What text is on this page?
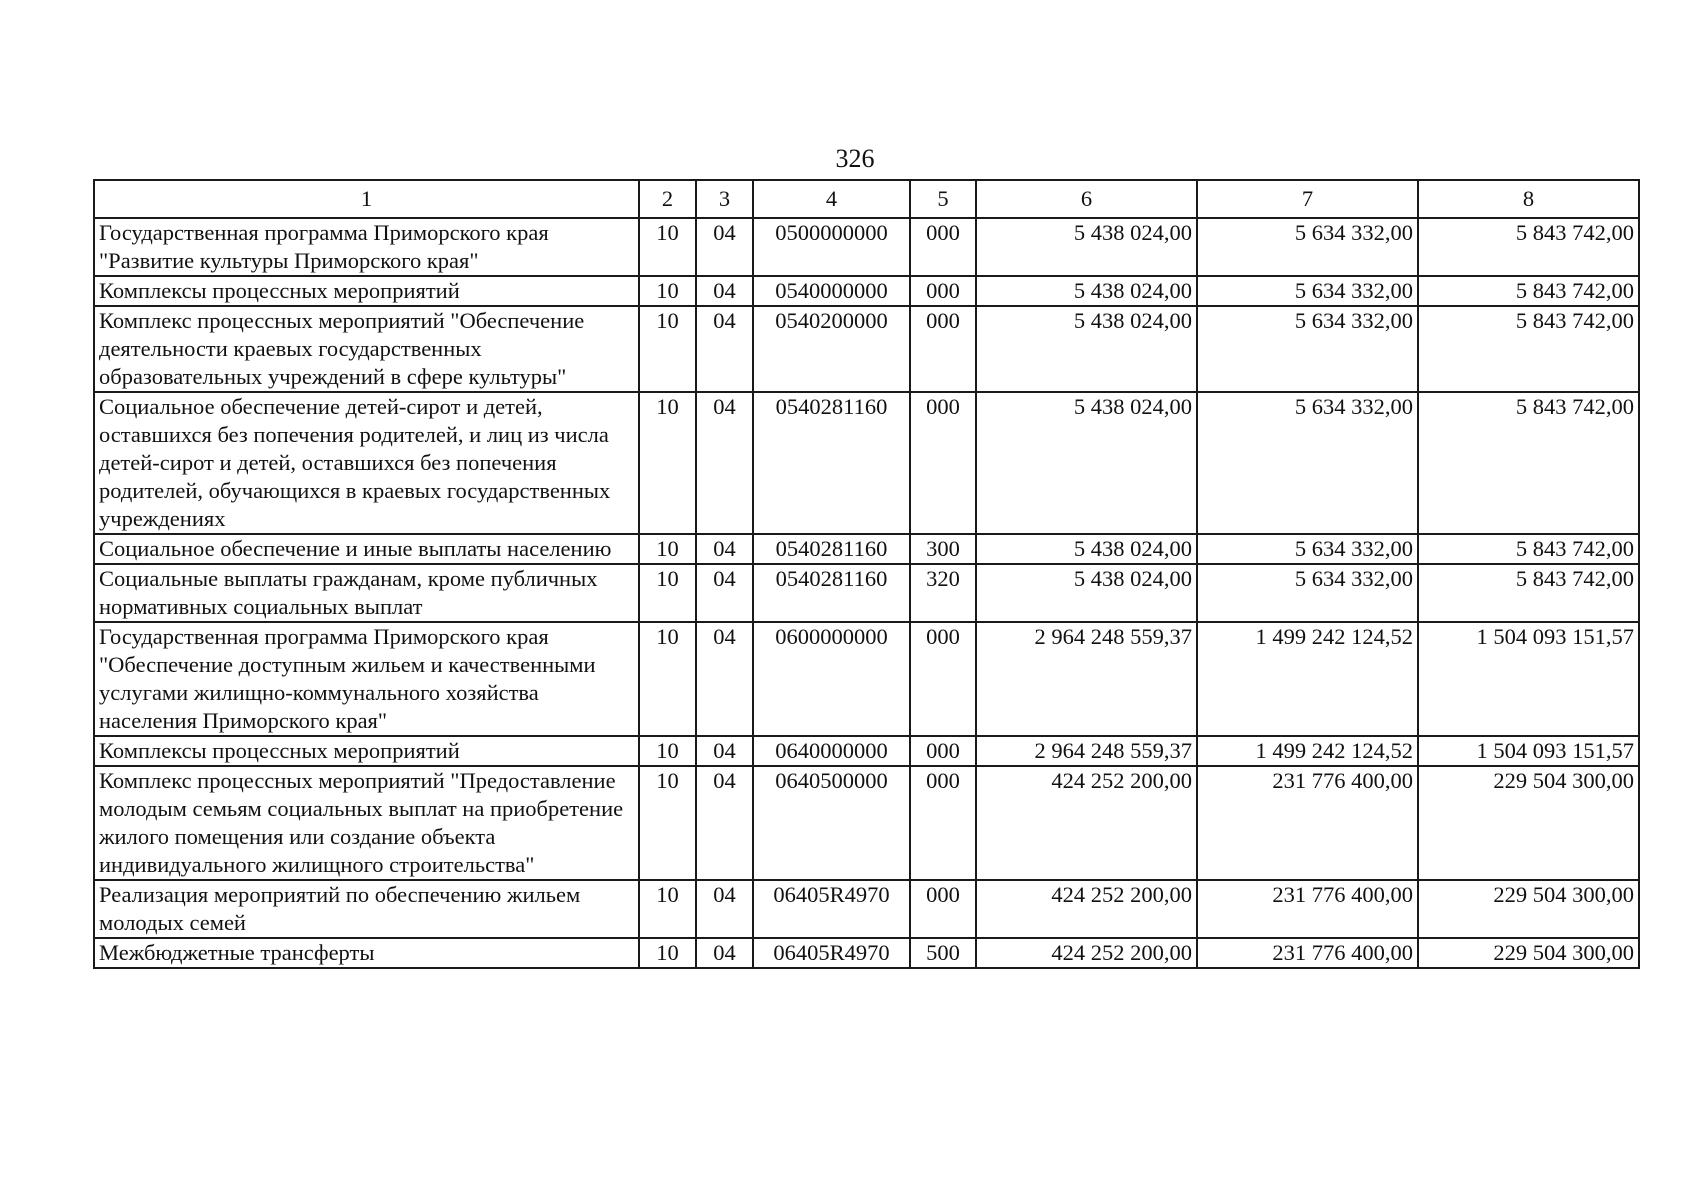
326
1	2	3	4	5	6	7	8
Государственная программа Приморского края "Развитие культуры Приморского края"	10	04	0500000000	000	5 438 024,00	5 634 332,00	5 843 742,00
Комплексы процессных мероприятий	10	04	0540000000	000	5 438 024,00	5 634 332,00	5 843 742,00
Комплекс процессных мероприятий "Обеспечение деятельности краевых государственных образовательных учреждений в сфере культуры"	10	04	0540200000	000	5 438 024,00	5 634 332,00	5 843 742,00
Социальное обеспечение детей-сирот и детей, оставшихся без попечения родителей, и лиц из числа детей-сирот и детей, оставшихся без попечения родителей, обучающихся в краевых государственных учреждениях	10	04	0540281160	000	5 438 024,00	5 634 332,00	5 843 742,00
Социальное обеспечение и иные выплаты населению	10	04	0540281160	300	5 438 024,00	5 634 332,00	5 843 742,00
Социальные выплаты гражданам, кроме публичных нормативных социальных выплат	10	04	0540281160	320	5 438 024,00	5 634 332,00	5 843 742,00
Государственная программа Приморского края "Обеспечение доступным жильем и качественными услугами жилищно-коммунального хозяйства населения Приморского края"	10	04	0600000000	000	2 964 248 559,37	1 499 242 124,52	1 504 093 151,57
Комплексы процессных мероприятий	10	04	0640000000	000	2 964 248 559,37	1 499 242 124,52	1 504 093 151,57
Комплекс процессных мероприятий "Предоставление молодым семьям социальных выплат на приобретение жилого помещения или создание объекта индивидуального жилищного строительства"	10	04	0640500000	000	424 252 200,00	231 776 400,00	229 504 300,00
Реализация мероприятий по обеспечению жильем молодых семей	10	04	06405R4970	000	424 252 200,00	231 776 400,00	229 504 300,00
Межбюджетные трансферты	10	04	06405R4970	500	424 252 200,00	231 776 400,00	229 504 300,00
